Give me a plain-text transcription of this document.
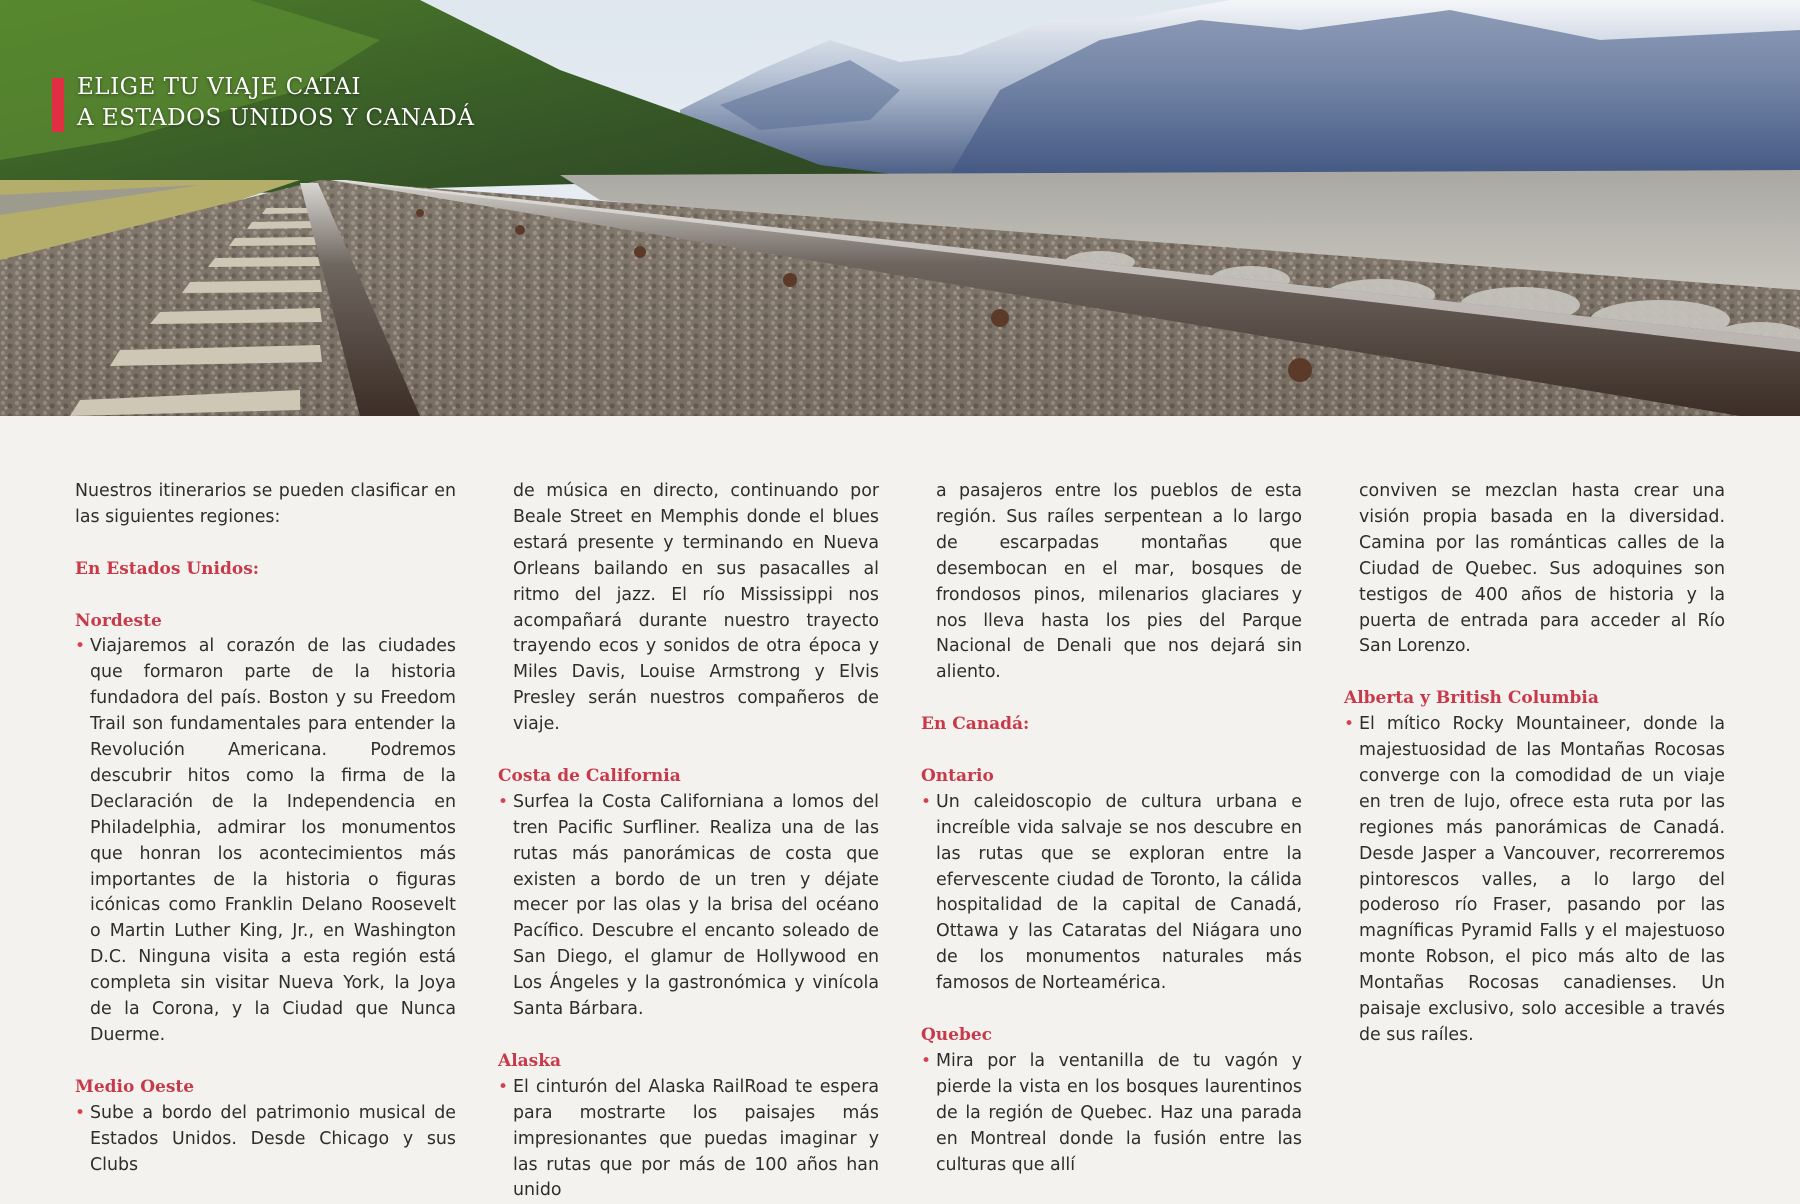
ELIGE TU VIAJE CATAI
A ESTADOS UNIDOS Y CANADÁ

Nuestros itinerarios se pueden clasificar en las siguientes regiones:

En Estados Unidos:

Nordeste

• Viajaremos al corazón de las ciudades que formaron parte de la historia fundadora del país. Boston y su Freedom Trail son fundamentales para entender la Revolución Americana. Podremos descubrir hitos como la firma de la Declaración de la Independencia en Philadelphia, admirar los monumentos que honran los acontecimientos más importantes de la historia o figuras icónicas como Franklin Delano Roosevelt o Martin Luther King, Jr., en Washington D.C. Ninguna visita a esta región está completa sin visitar Nueva York, la Joya de la Corona, y la Ciudad que Nunca Duerme.

Medio Oeste

• Sube a bordo del patrimonio musical de Estados Unidos. Desde Chicago y sus Clubs
de música en directo, continuando por Beale Street en Memphis donde el blues estará presente y terminando en Nueva Orleans bailando en sus pasacalles al ritmo del jazz. El río Mississippi nos acompañará durante nuestro trayecto trayendo ecos y sonidos de otra época y Miles Davis, Louise Armstrong y Elvis Presley serán nuestros compañeros de viaje.

Costa de California

• Surfea la Costa Californiana a lomos del tren Pacific Surfliner. Realiza una de las rutas más panorámicas de costa que existen a bordo de un tren y déjate mecer por las olas y la brisa del océano Pacífico. Descubre el encanto soleado de San Diego, el glamur de Hollywood en Los Ángeles y la gastronómica y vinícola Santa Bárbara.

Alaska

• El cinturón del Alaska RailRoad te espera para mostrarte los paisajes más impresionantes que puedas imaginar y las rutas que por más de 100 años han unido
a pasajeros entre los pueblos de esta región. Sus raíles serpentean a lo largo de escarpadas montañas que desembocan en el mar, bosques de frondosos pinos, milenarios glaciares y nos lleva hasta los pies del Parque Nacional de Denali que nos dejará sin aliento.

En Canadá:

Ontario

• Un caleidoscopio de cultura urbana e increíble vida salvaje se nos descubre en las rutas que se exploran entre la efervescente ciudad de Toronto, la cálida hospitalidad de la capital de Canadá, Ottawa y las Cataratas del Niágara uno de los monumentos naturales más famosos de Norteamérica.

Quebec

• Mira por la ventanilla de tu vagón y pierde la vista en los bosques laurentinos de la región de Quebec. Haz una parada en Montreal donde la fusión entre las culturas que allí
conviven se mezclan hasta crear una visión propia basada en la diversidad. Camina por las románticas calles de la Ciudad de Quebec. Sus adoquines son testigos de 400 años de historia y la puerta de entrada para acceder al Río San Lorenzo.

Alberta y British Columbia

• El mítico Rocky Mountaineer, donde la majestuosidad de las Montañas Rocosas converge con la comodidad de un viaje en tren de lujo, ofrece esta ruta por las regiones más panorámicas de Canadá. Desde Jasper a Vancouver, recorreremos pintorescos valles, a lo largo del poderoso río Fraser, pasando por las magníficas Pyramid Falls y el majestuoso monte Robson, el pico más alto de las Montañas Rocosas canadienses. Un paisaje exclusivo, solo accesible a través de sus raíles.
